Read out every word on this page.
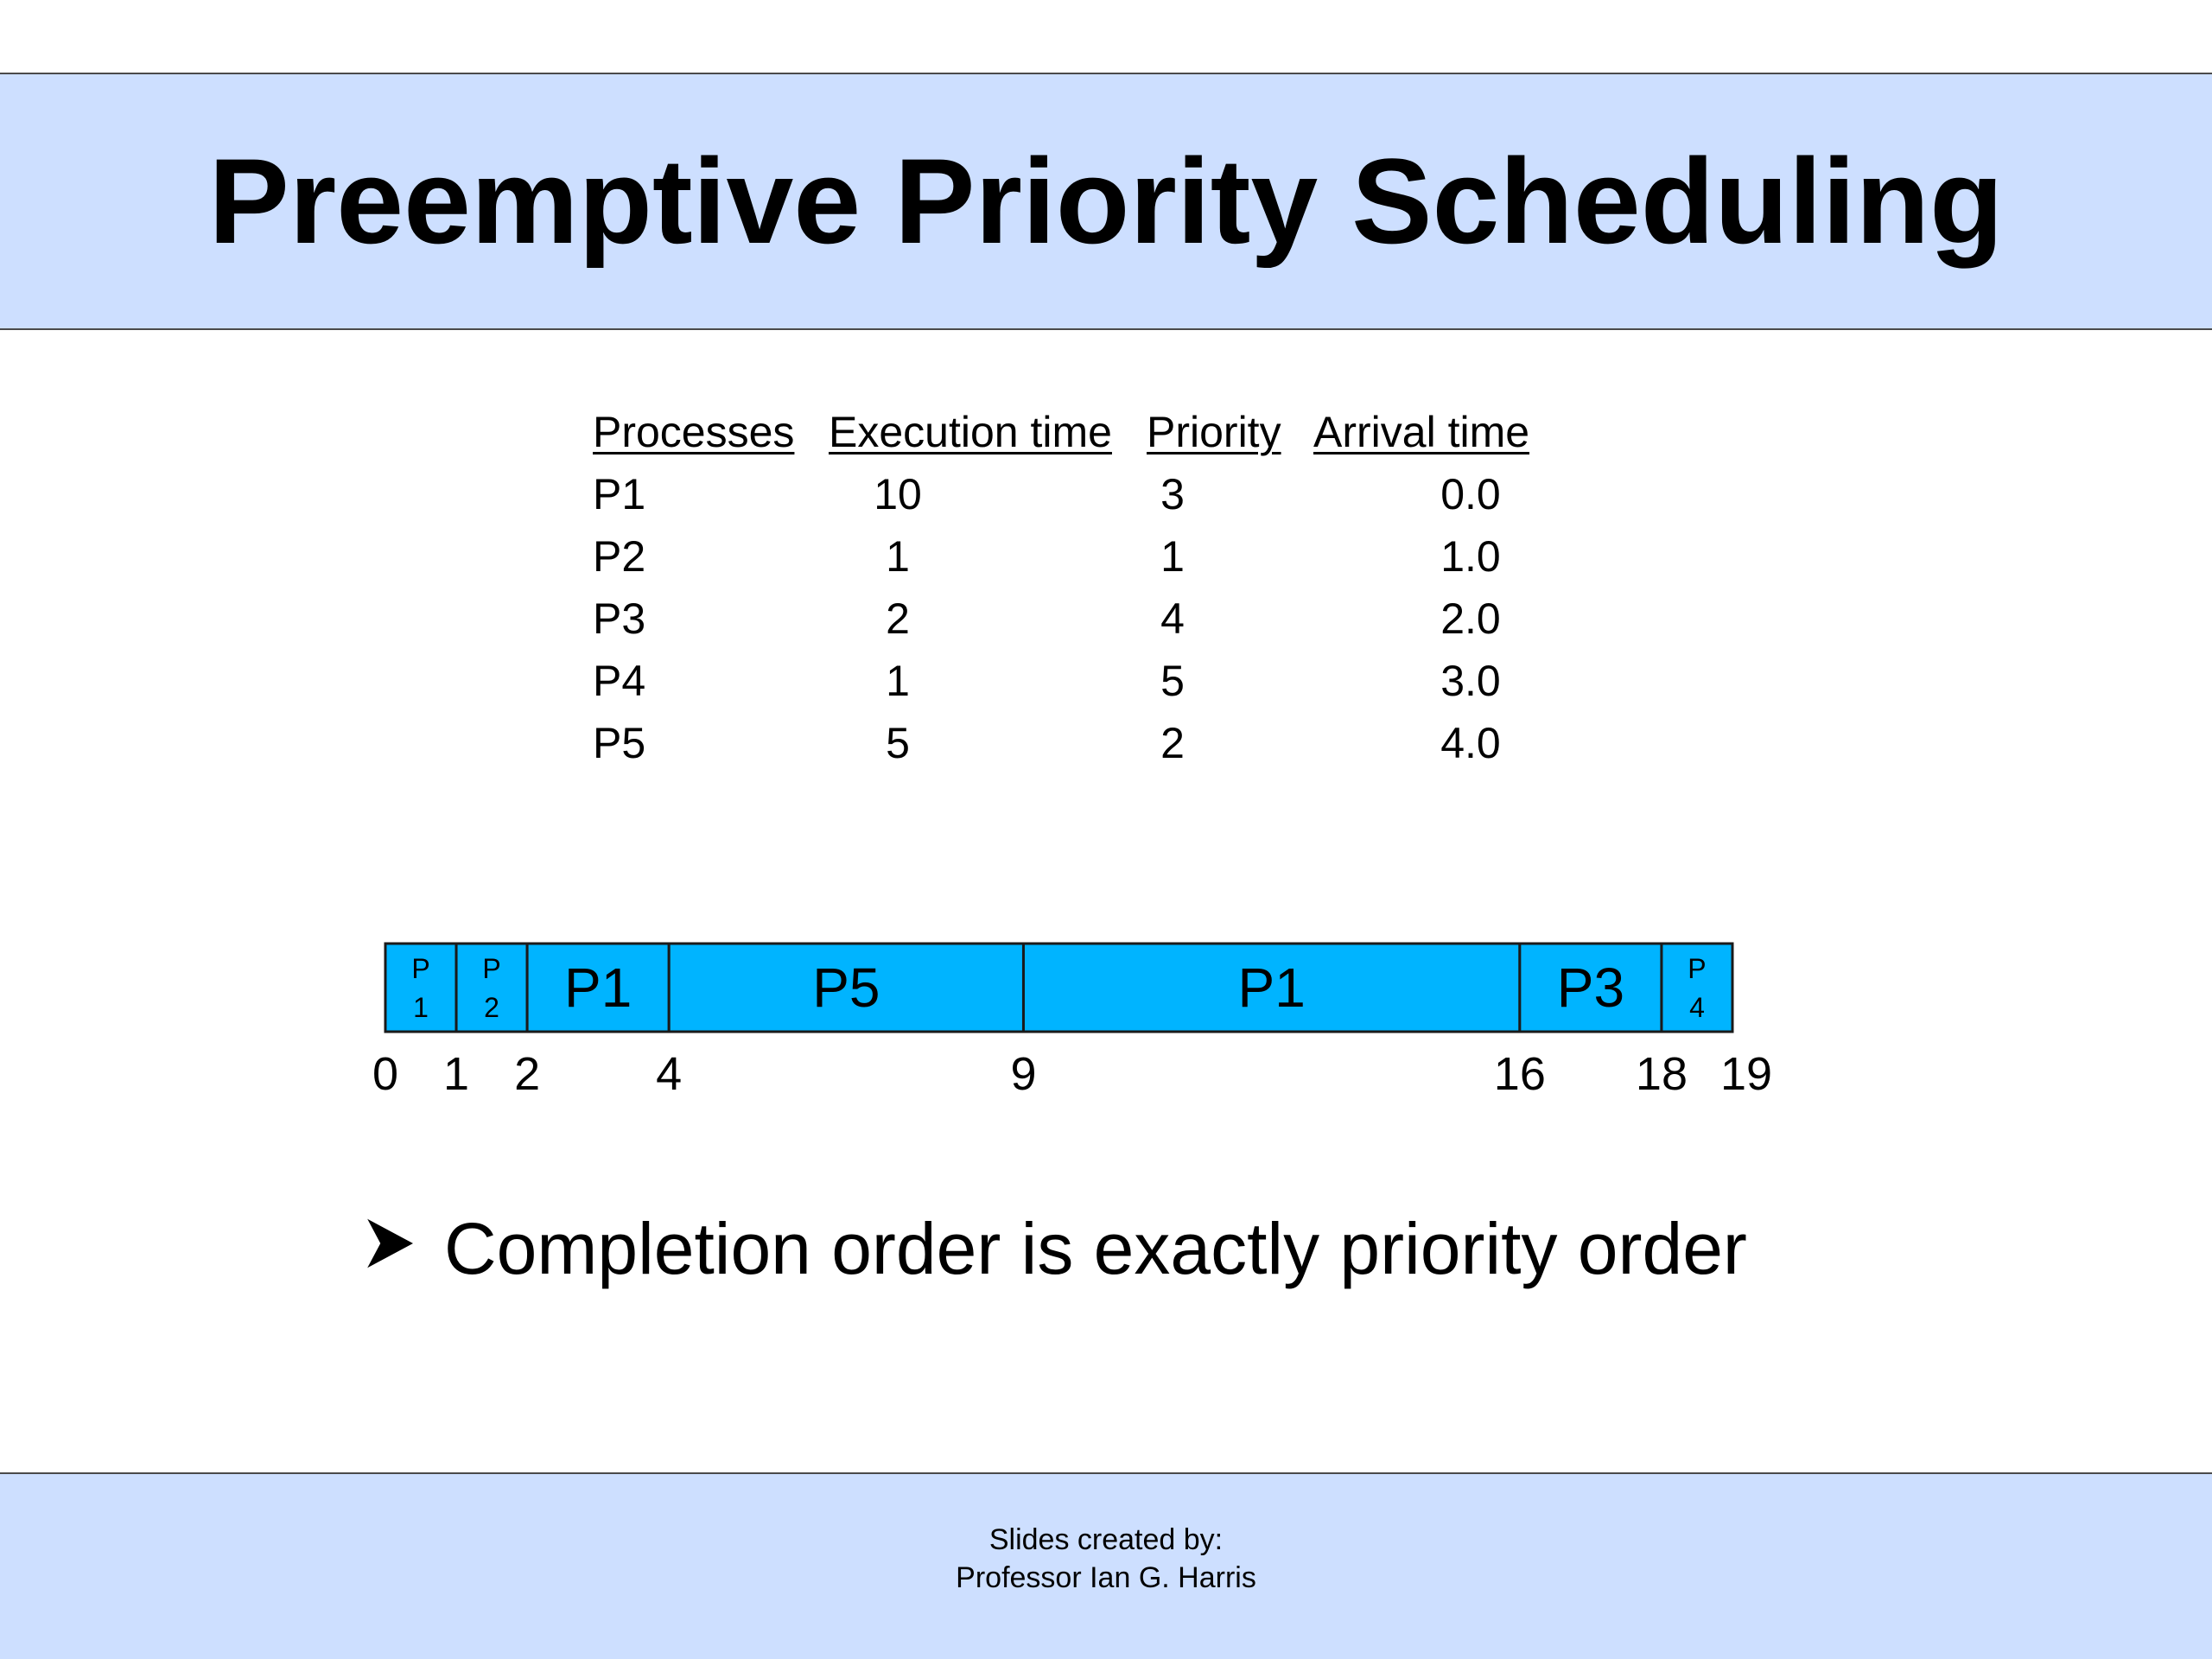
Preemptive Priority Scheduling
Processes Execution time Priority Arrival time
P1	10	3	0.0
P2	1	1	1.0
P3	2	4	2.0
P4	1	5	3.0
P5	5	2	4.0
P
1
P
2 P1	P5	P1	P3 P
4
0 1 2 4	9	16 18 19
Completion order is exactly priority order
Slides created by:
Professor Ian G. Harris
